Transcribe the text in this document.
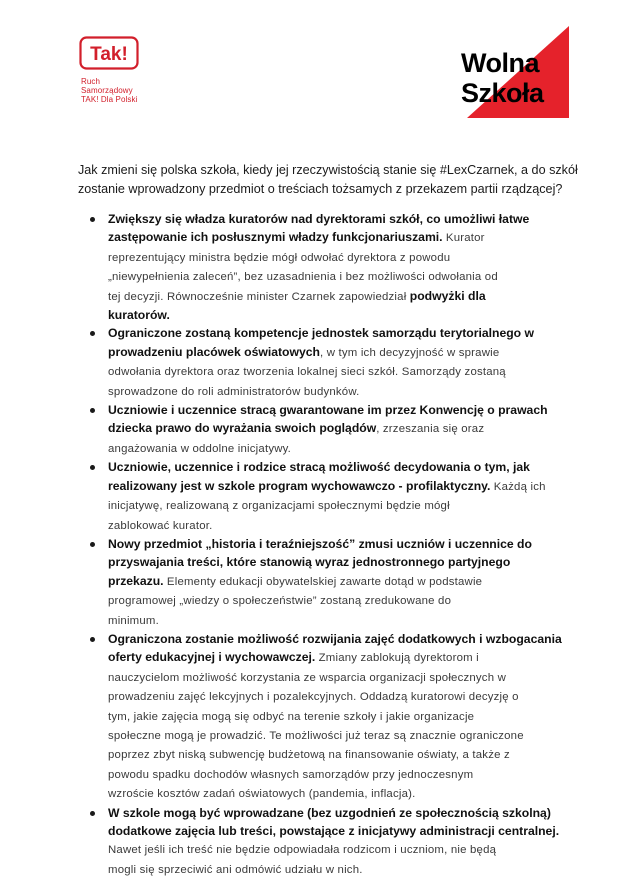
Tak!
Ruch
Samorządowy
TAK! Dla Polski
Wolna
Szkoła
Jak zmieni się polska szkoła, kiedy jej rzeczywistością stanie się #LexCzarnek, a do szkół
zostanie wprowadzony przedmiot o treściach tożsamych z przekazem partii rządzącej?
Zwiększy się władza kuratorów nad dyrektorami szkół, co umożliwi łatwe
zastępowanie ich posłusznymi władzy funkcjonariuszami. Kurator
reprezentujący ministra będzie mógł odwołać dyrektora z powodu
„niewypełnienia zaleceń”, bez uzasadnienia i bez możliwości odwołania od
tej decyzji. Równocześnie minister Czarnek zapowiedział podwyżki dla
kuratorów.
Ograniczone zostaną kompetencje jednostek samorządu terytorialnego w
prowadzeniu placówek oświatowych, w tym ich decyzyjność w sprawie
odwołania dyrektora oraz tworzenia lokalnej sieci szkół. Samorządy zostaną
sprowadzone do roli administratorów budynków.
Uczniowie i uczennice stracą gwarantowane im przez Konwencję o prawach
dziecka prawo do wyrażania swoich poglądów, zrzeszania się oraz
angażowania w oddolne inicjatywy.
Uczniowie, uczennice i rodzice stracą możliwość decydowania o tym, jak
realizowany jest w szkole program wychowawczo - profilaktyczny. Każdą ich
inicjatywę, realizowaną z organizacjami społecznymi będzie mógł
zablokować kurator.
Nowy przedmiot „historia i teraźniejszość” zmusi uczniów i uczennice do
przyswajania treści, które stanowią wyraz jednostronnego partyjnego
przekazu. Elementy edukacji obywatelskiej zawarte dotąd w podstawie
programowej „wiedzy o społeczeństwie” zostaną zredukowane do
minimum.
Ograniczona zostanie możliwość rozwijania zajęć dodatkowych i wzbogacania
oferty edukacyjnej i wychowawczej. Zmiany zablokują dyrektorom i
nauczycielom możliwość korzystania ze wsparcia organizacji społecznych w
prowadzeniu zajęć lekcyjnych i pozalekcyjnych. Oddadzą kuratorowi decyzję o
tym, jakie zajęcia mogą się odbyć na terenie szkoły i jakie organizacje
społeczne mogą je prowadzić. Te możliwości już teraz są znacznie ograniczone
poprzez zbyt niską subwencję budżetową na finansowanie oświaty, a także z
powodu spadku dochodów własnych samorządów przy jednoczesnym
wzroście kosztów zadań oświatowych (pandemia, inflacja).
W szkole mogą być wprowadzane (bez uzgodnień ze społecznością szkolną)
dodatkowe zajęcia lub treści, powstające z inicjatywy administracji centralnej.
Nawet jeśli ich treść nie będzie odpowiadała rodzicom i uczniom, nie będą
mogli się sprzeciwić ani odmówić udziału w nich.
